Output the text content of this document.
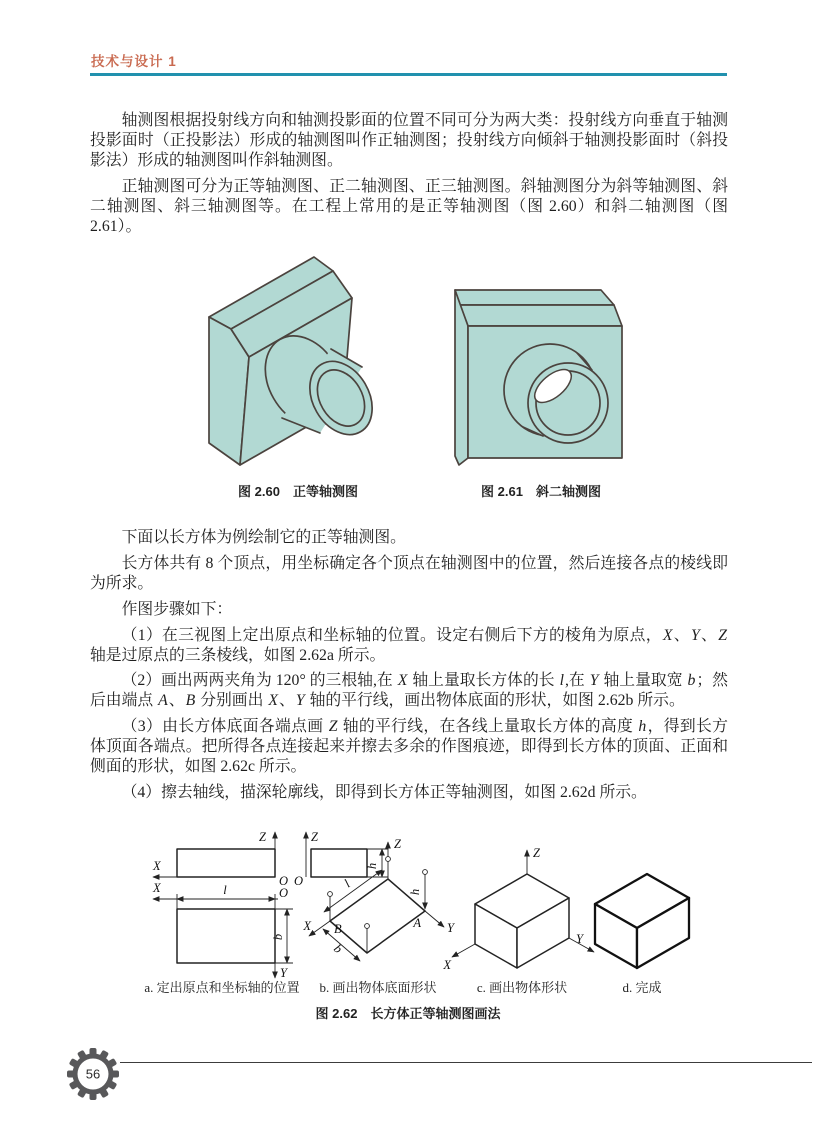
技术与设计 1

轴测图根据投射线方向和轴测投影面的位置不同可分为两大类：投射线方向垂直于轴测投影面时（正投影法）形成的轴测图叫作正轴测图；投射线方向倾斜于轴测投影面时（斜投影法）形成的轴测图叫作斜轴测图。

正轴测图可分为正等轴测图、正二轴测图、正三轴测图。斜轴测图分为斜等轴测图、斜二轴测图、斜三轴测图等。在工程上常用的是正等轴测图（图 2.60）和斜二轴测图（图 2.61）。

图 2.60　正等轴测图	图 2.61　斜二轴测图

下面以长方体为例绘制它的正等轴测图。

长方体共有 8 个顶点，用坐标确定各个顶点在轴测图中的位置，然后连接各点的棱线即为所求。

作图步骤如下：

（1）在三视图上定出原点和坐标轴的位置。设定右侧后下方的棱角为原点，X、Y、Z 轴是过原点的三条棱线，如图 2.62a 所示。

（2）画出两两夹角为 120° 的三根轴,在 X 轴上量取长方体的长 l,在 Y 轴上量取宽 b；然后由端点 A、B 分别画出 X、Y 轴的平行线，画出物体底面的形状，如图 2.62b 所示。

（3）由长方体底面各端点画 Z 轴的平行线，在各线上量取长方体的高度 h，得到长方体顶面各端点。把所得各点连接起来并擦去多余的作图痕迹，即得到长方体的顶面、正面和侧面的形状，如图 2.62c 所示。

（4）擦去轴线，描深轮廓线，即得到长方体正等轴测图，如图 2.62d 所示。

Z
O
X
Z
O
h
l
X	O
Y
b
Z
Y
A
X B
l
b
h
Z
X
Y
a. 定出原点和坐标轴的位置 b. 画出物体底面形状	c. 画出物体形状	d. 完成
图 2.62　长方体正等轴测图画法
56
